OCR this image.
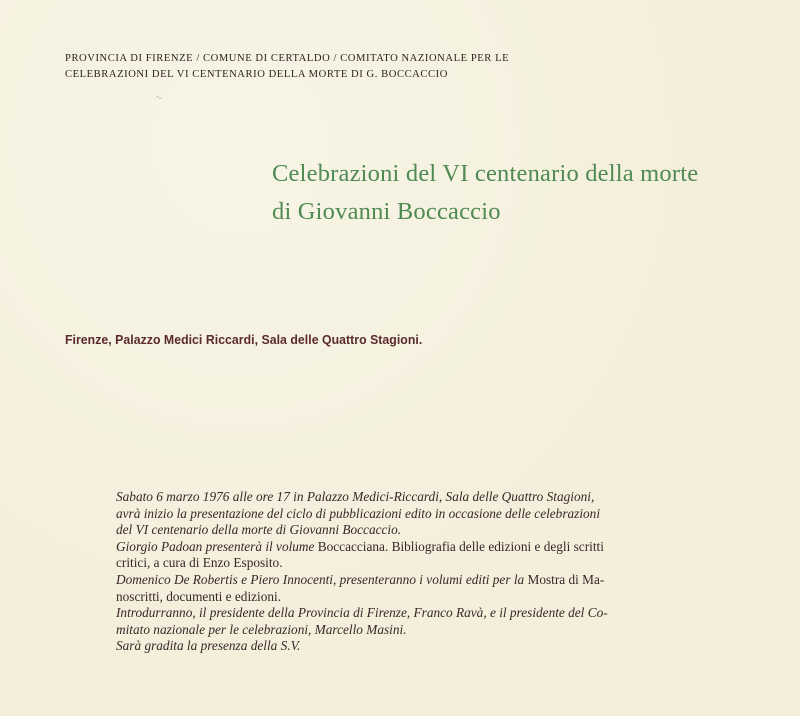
PROVINCIA DI FIRENZE / COMUNE DI CERTALDO / COMITATO NAZIONALE PER LE
CELEBRAZIONI DEL VI CENTENARIO DELLA MORTE DI G. BOCCACCIO
Celebrazioni del VI centenario della morte
di Giovanni Boccaccio
Firenze, Palazzo Medici Riccardi, Sala delle Quattro Stagioni.
Sabato 6 marzo 1976 alle ore 17 in Palazzo Medici-Riccardi, Sala delle Quattro Stagioni,
avrà inizio la presentazione del ciclo di pubblicazioni edito in occasione delle celebrazioni
del VI centenario della morte di Giovanni Boccaccio.
Giorgio Padoan presenterà il volume Boccacciana. Bibliografia delle edizioni e degli scritti
critici, a cura di Enzo Esposito.
Domenico De Robertis e Piero Innocenti, presenteranno i volumi editi per la Mostra di Ma-
noscritti, documenti e edizioni.
Introdurranno, il presidente della Provincia di Firenze, Franco Ravà, e il presidente del Co-
mitato nazionale per le celebrazioni, Marcello Masini.
Sarà gradita la presenza della S.V.
